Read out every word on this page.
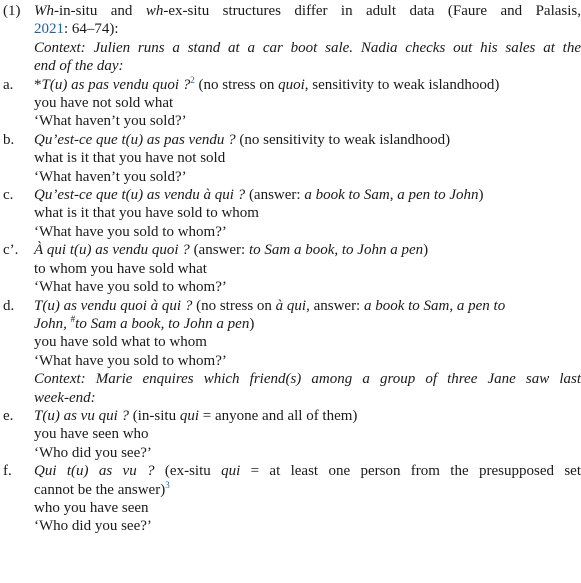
(1) Wh-in-situ and wh-ex-situ structures differ in adult data (Faure and Palasis,
2021: 64–74):
Context: Julien runs a stand at a car boot sale. Nadia checks out his sales at the
end of the day:
a. *T(u) as pas vendu quoi ?$^2$ (no stress on quoi, sensitivity to weak islandhood)
you have not sold what
‘What haven’t you sold?’
b. Qu’est-ce que t(u) as pas vendu ? (no sensitivity to weak islandhood)
what is it that you have not sold
‘What haven’t you sold?’
c. Qu’est-ce que t(u) as vendu à qui ? (answer: a book to Sam, a pen to John)
what is it that you have sold to whom
‘What have you sold to whom?’
c’. À qui t(u) as vendu quoi ? (answer: to Sam a book, to John a pen)
to whom you have sold what
‘What have you sold to whom?’
d. T(u) as vendu quoi à qui ? (no stress on à qui, answer: a book to Sam, a pen to
John, #to Sam a book, to John a pen)
you have sold what to whom
‘What have you sold to whom?’
Context: Marie enquires which friend(s) among a group of three Jane saw last
week-end:
e. T(u) as vu qui ? (in-situ qui = anyone and all of them)
you have seen who
‘Who did you see?’
f. Qui t(u) as vu ? (ex-situ qui = at least one person from the presupposed set
cannot be the answer)$^3$
who you have seen
‘Who did you see?’
